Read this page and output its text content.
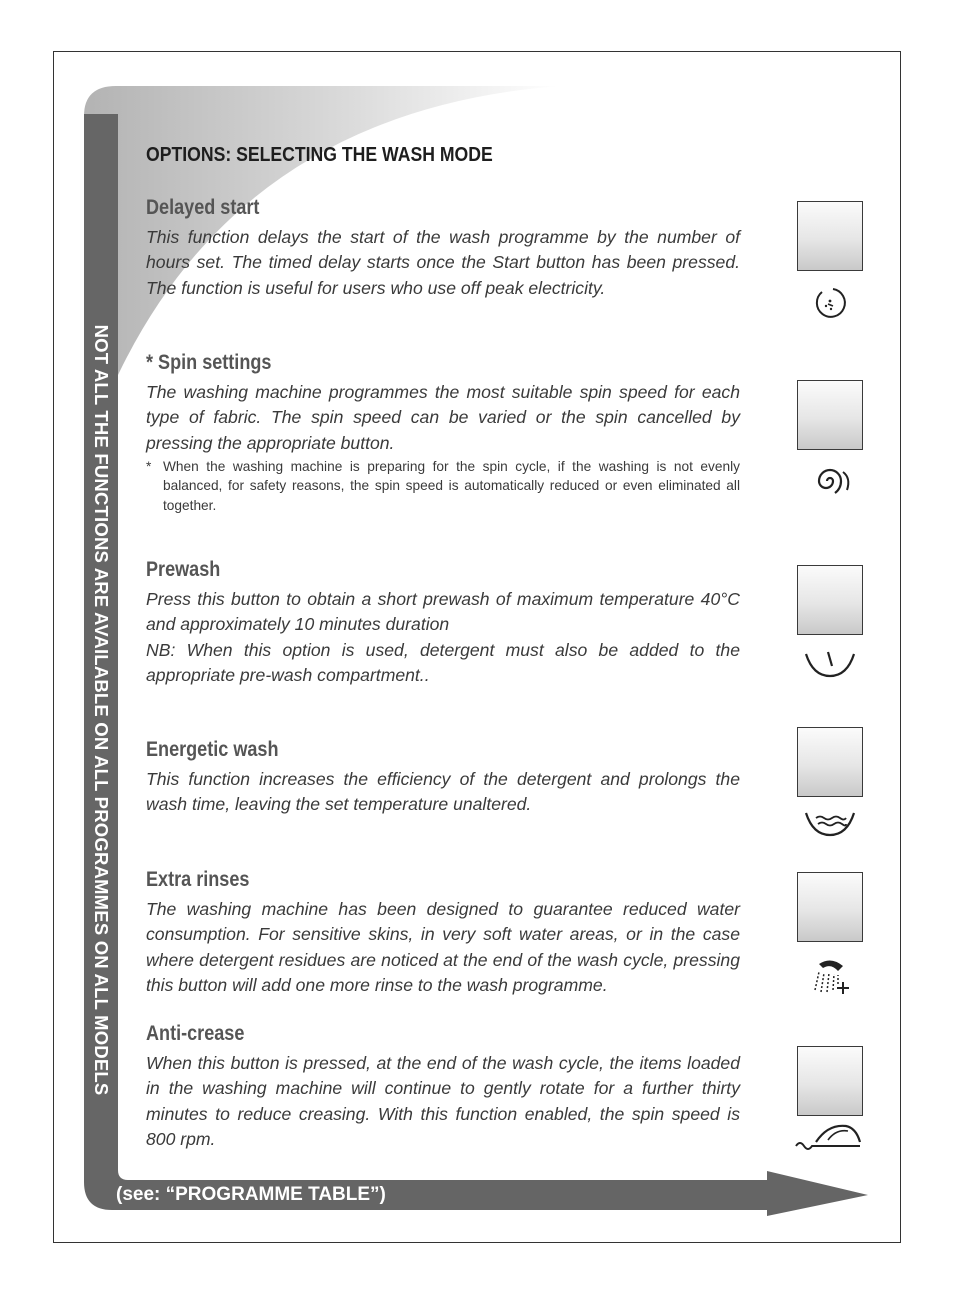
NOT ALL THE FUNCTIONS ARE AVAILABLE ON ALL PROGRAMMES ON ALL MODELS
(see: “PROGRAMME TABLE”)
OPTIONS: SELECTING THE WASH MODE
Delayed start

This function delays the start of the wash programme by the number of hours set. The timed delay starts once the Start button has been pressed. The function is useful for users who use off peak electricity.

* Spin settings

The washing machine programmes the most suitable spin speed for each type of fabric. The spin speed can be varied or the spin cancelled by pressing the appropriate button.

* When the washing machine is preparing for the spin cycle, if the washing is not evenly balanced, for safety reasons, the spin speed is automatically reduced or even eliminated all together.

Prewash

Press this button to obtain a short prewash of maximum temperature 40°C and approximately 10 minutes duration

NB: When this option is used, detergent must also be added to the appropriate pre-wash compartment..

Energetic wash

This function increases the efficiency of the detergent and prolongs the wash time, leaving the set temperature unaltered.

Extra rinses

The washing machine has been designed to guarantee reduced water consumption. For sensitive skins, in very soft water areas, or in the case where detergent residues are noticed at the end of the wash cycle, pressing this button will add one more rinse to the wash programme.

Anti-crease

When this button is pressed, at the end of the wash cycle, the items loaded in the washing machine will continue to gently rotate for a further thirty minutes to reduce creasing. With this function enabled, the spin speed is 800 rpm.
